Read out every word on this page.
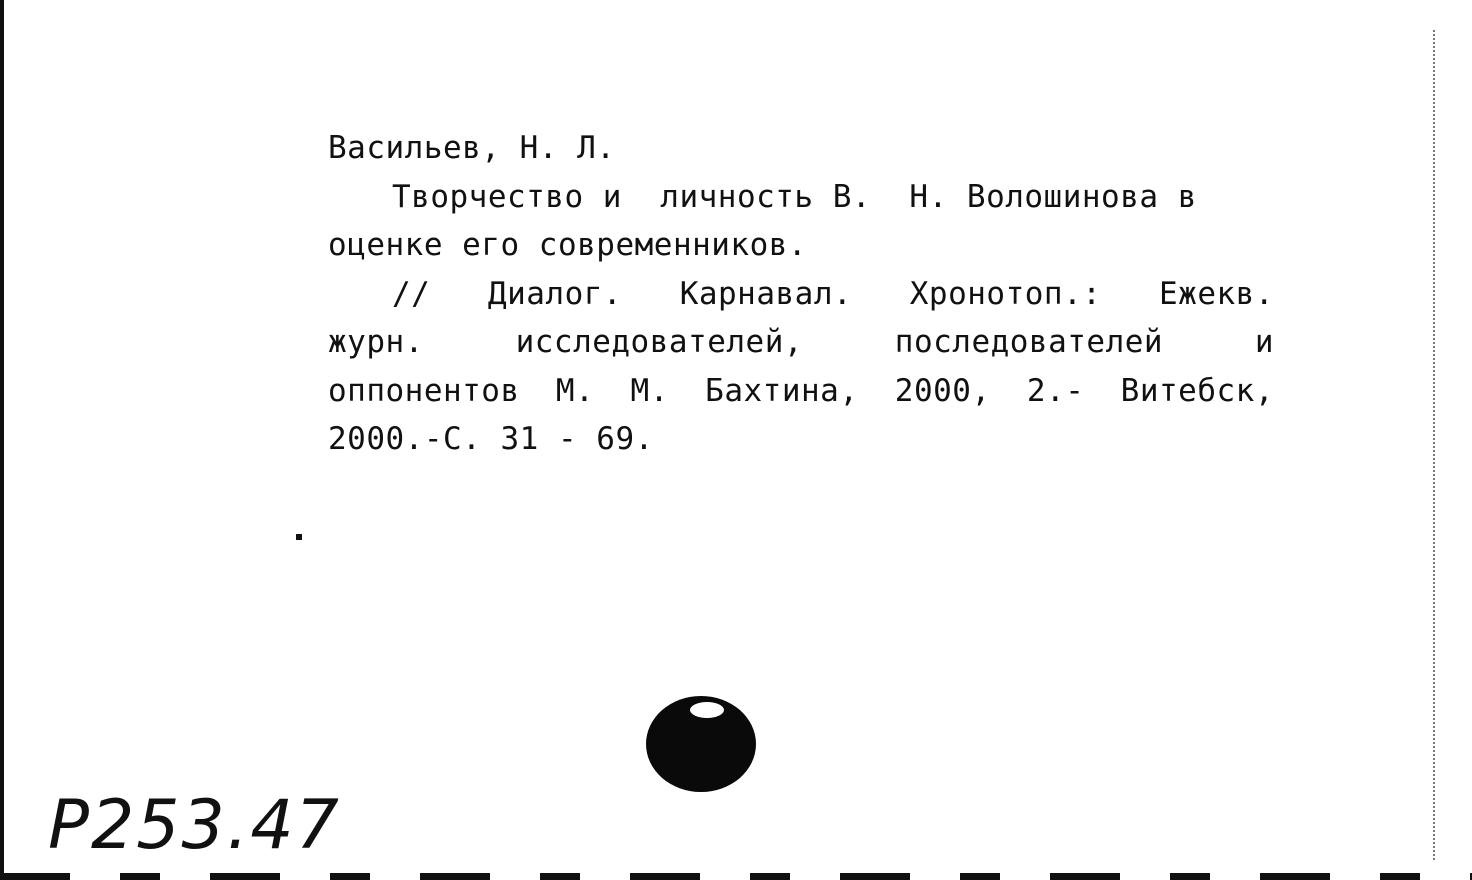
Васильев, Н. Л.
Творчество и  личность В.  Н. Волошинова в
оценке его современников.
// Диалог. Карнавал. Хронотоп.: Ежекв.
журн. исследователей, последователей и
оппонентов М. М. Бахтина, 2000, 2.- Витебск,
2000.-С. 31 - 69.
Р253.47
